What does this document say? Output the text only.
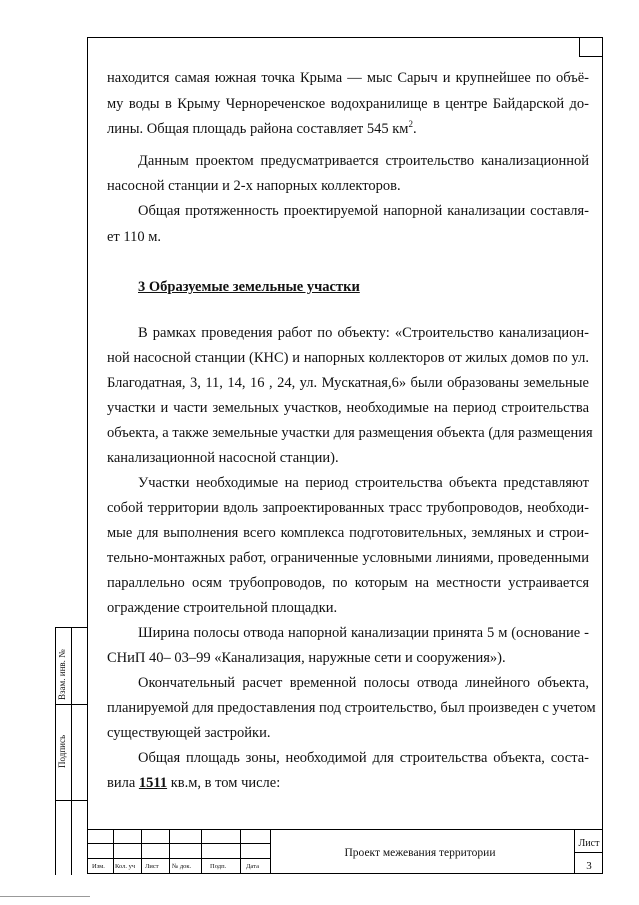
находится самая южная точка Крыма — мыс Сарыч и крупнейшее по объё-
му воды в Крыму Чернореченское водохранилище в центре Байдарской до-
лины. Общая площадь района составляет 545 $км^2$.
Данным проектом предусматривается строительство канализационной
насосной станции и 2-х напорных коллекторов.
Общая протяженность проектируемой напорной канализации составля-
ет 110 м.
3 Образуемые земельные участки
В рамках проведения работ по объекту: «Строительство канализацион-
ной насосной станции (КНС) и напорных коллекторов от жилых домов по ул.
Благодатная, 3, 11, 14, 16 , 24, ул. Мускатная,6» были образованы земельные
участки и части земельных участков, необходимые на период строительства
объекта, а также земельные участки для размещения объекта (для размещения
канализационной насосной станции).
Участки необходимые на период строительства объекта представляют
собой территории вдоль запроектированных трасс трубопроводов, необходи-
мые для выполнения всего комплекса подготовительных, земляных и строи-
тельно-монтажных работ, ограниченные условными линиями, проведенными
параллельно осям трубопроводов, по которым на местности устраивается
ограждение строительной площадки.
Ширина полосы отвода напорной канализации принята 5 м (основание -
СНиП 40– 03–99 «Канализация, наружные сети и сооружения»).
Окончательный расчет временной полосы отвода линейного объекта,
планируемой для предоставления под строительство, был произведен с учетом
существующей застройки.
Общая площадь зоны, необходимой для строительства объекта, соста-
вила 1511 кв.м, в том числе:
Взам. инв. №
Подпись
Изм. Кол. уч Лист № док.	Подп.	Дата
Проект межевания территории
Лист
3
